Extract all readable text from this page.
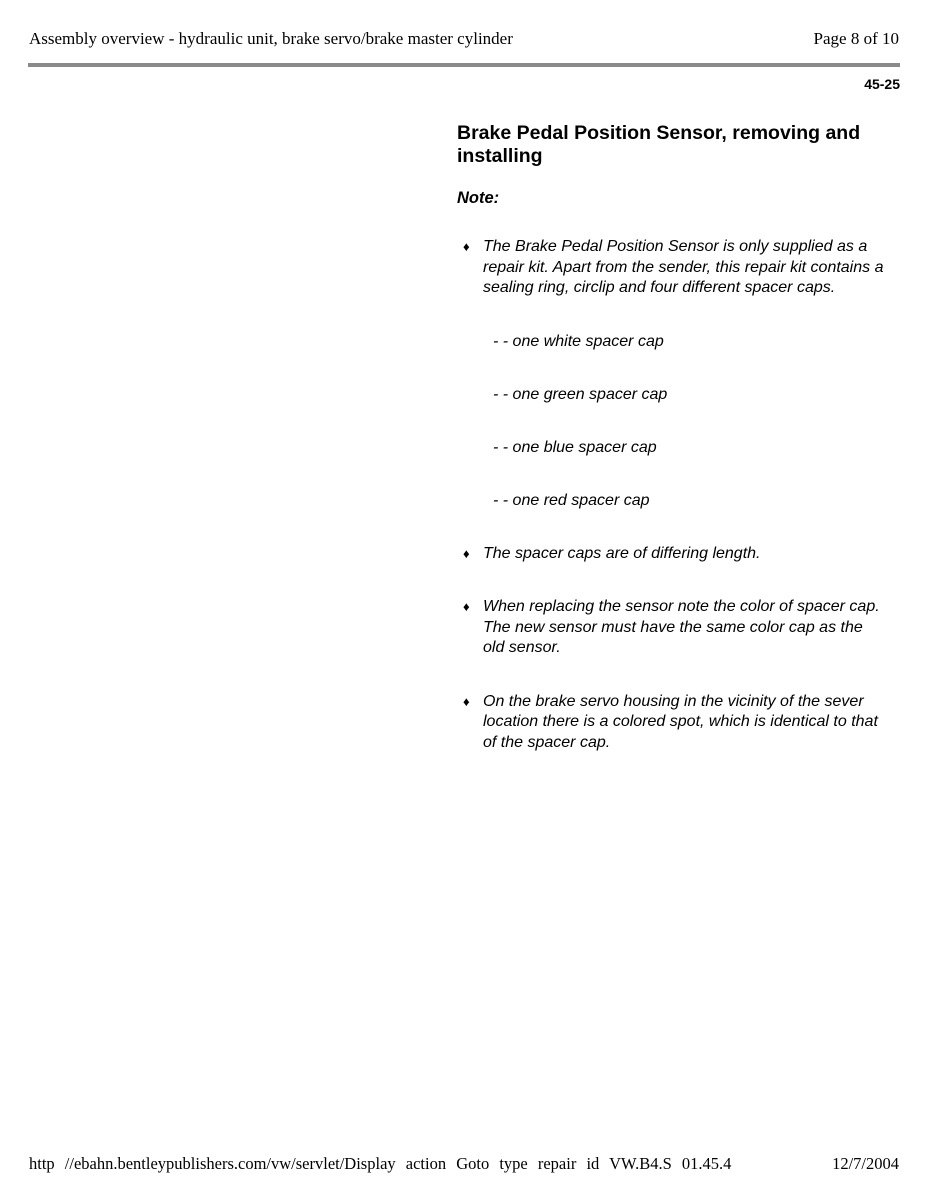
Assembly overview - hydraulic unit, brake servo/brake master cylinder	Page 8 of 10
45-25
Brake Pedal Position Sensor, removing and installing
Note:
♦ The Brake Pedal Position Sensor is only supplied as a repair kit. Apart from the sender, this repair kit contains a sealing ring, circlip and four different spacer caps.
- - one white spacer cap
- - one green spacer cap
- - one blue spacer cap
- - one red spacer cap
♦ The spacer caps are of differing length.
♦ When replacing the sensor note the color of spacer cap. The new sensor must have the same color cap as the old sensor.
♦ On the brake servo housing in the vicinity of the sever location there is a colored spot, which is identical to that of the spacer cap.
http //ebahn.bentleypublishers.com/vw/servlet/Display action Goto type repair id VW.B4.S 01.45.4	12/7/2004
